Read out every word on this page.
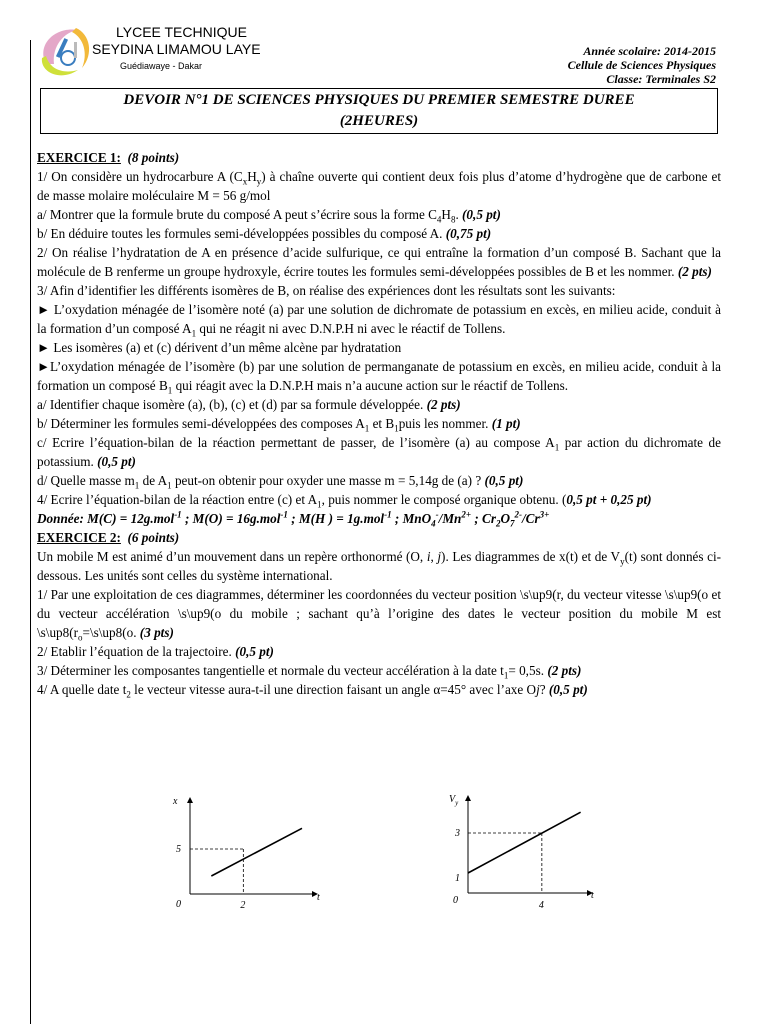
LYCEE TECHNIQUE
SEYDINA LIMAMOU LAYE
Guédiawaye - Dakar
Année scolaire: 2014-2015
Cellule de Sciences Physiques
Classe: Terminales S2
DEVOIR N°1 DE SCIENCES PHYSIQUES DU PREMIER SEMESTRE DUREE
(2HEURES)

EXERCICE 1: (8 points)

1/ On considère un hydrocarbure A $(C_xH_y)$ à chaîne ouverte qui contient deux fois plus d’atome d’hydrogène que de carbone et de masse molaire moléculaire M = 56 g/mol

a/ Montrer que la formule brute du composé A peut s’écrire sous la forme $C_4H_8$. (0,5 pt)

b/ En déduire toutes les formules semi-développées possibles du composé A. (0,75 pt)

2/ On réalise l’hydratation de A en présence d’acide sulfurique, ce qui entraîne la formation d’un composé B. Sachant que la molécule de B renferme un groupe hydroxyle, écrire toutes les formules semi-développées possibles de B et les nommer. (2 pts)

3/ Afin d’identifier les différents isomères de B, on réalise des expériences dont les résultats sont les suivants:

► L’oxydation ménagée de l’isomère noté (a) par une solution de dichromate de potassium en excès, en milieu acide, conduit à la formation d’un composé $A_1$ qui ne réagit ni avec D.N.P.H ni avec le réactif de Tollens.

► Les isomères (a) et (c) dérivent d’un même alcène par hydratation

►L’oxydation ménagée de l’isomère (b) par une solution de permanganate de potassium en excès, en milieu acide, conduit à la formation un composé $B_1$ qui réagit avec la D.N.P.H mais n’a aucune action sur le réactif de Tollens.

a/ Identifier chaque isomère (a), (b), (c) et (d) par sa formule développée. (2 pts)

b/ Déterminer les formules semi-développées des composes $A_1$ et $B_1puis$ les nommer. (1 pt)

c/ Ecrire l’équation-bilan de la réaction permettant de passer, de l’isomère (a) au compose $A_1$ par action du dichromate de potassium. (0,5 pt)

d/ Quelle masse $m_1$ de $A_1$ peut-on obtenir pour oxyder une masse m = 5,14g de (a) ? (0,5 pt)

4/ Ecrire l’équation-bilan de la réaction entre (c) et $A_1$, puis nommer le composé organique obtenu. (0,5 pt + 0,25 pt)

Donnée: M(C) = 12g.mol$^{-1}$ ; M(O) = 16g.mol$^{-1}$ ; M(H ) = 1g.mol$^{-1}$ ; $MnO_4^-/Mn^{2+}$ ; $Cr_2O_7^{2-}/Cr^{3+}$

EXERCICE 2: (6 points)

Un mobile M est animé d’un mouvement dans un repère orthonormé (O, i, j). Les diagrammes de x(t) et de $V_y(t)$ sont donnés ci-dessous. Les unités sont celles du système international.

1/ Par une exploitation de ces diagrammes, déterminer les coordonnées du vecteur position \s\up9(r, du vecteur vitesse \s\up9(o et du vecteur accélération \s\up9(o du mobile ; sachant qu’à l’origine des dates le vecteur position du mobile M est $\backslash s\backslash up8(r_o=\backslash s\backslash up8(o$. (3 pts)

2/ Etablir l’équation de la trajectoire. (0,5 pt)

3/ Déterminer les composantes tangentielle et normale du vecteur accélération à la date $t_1= 0,5s$. (2 pts)

4/ A quelle date $t_2$ le vecteur vitesse aura-t-il une direction faisant un angle α=45° avec l’axe Oj? (0,5 pt)

x
t
0
5
2
$V_y$
t
0
1
3
4
